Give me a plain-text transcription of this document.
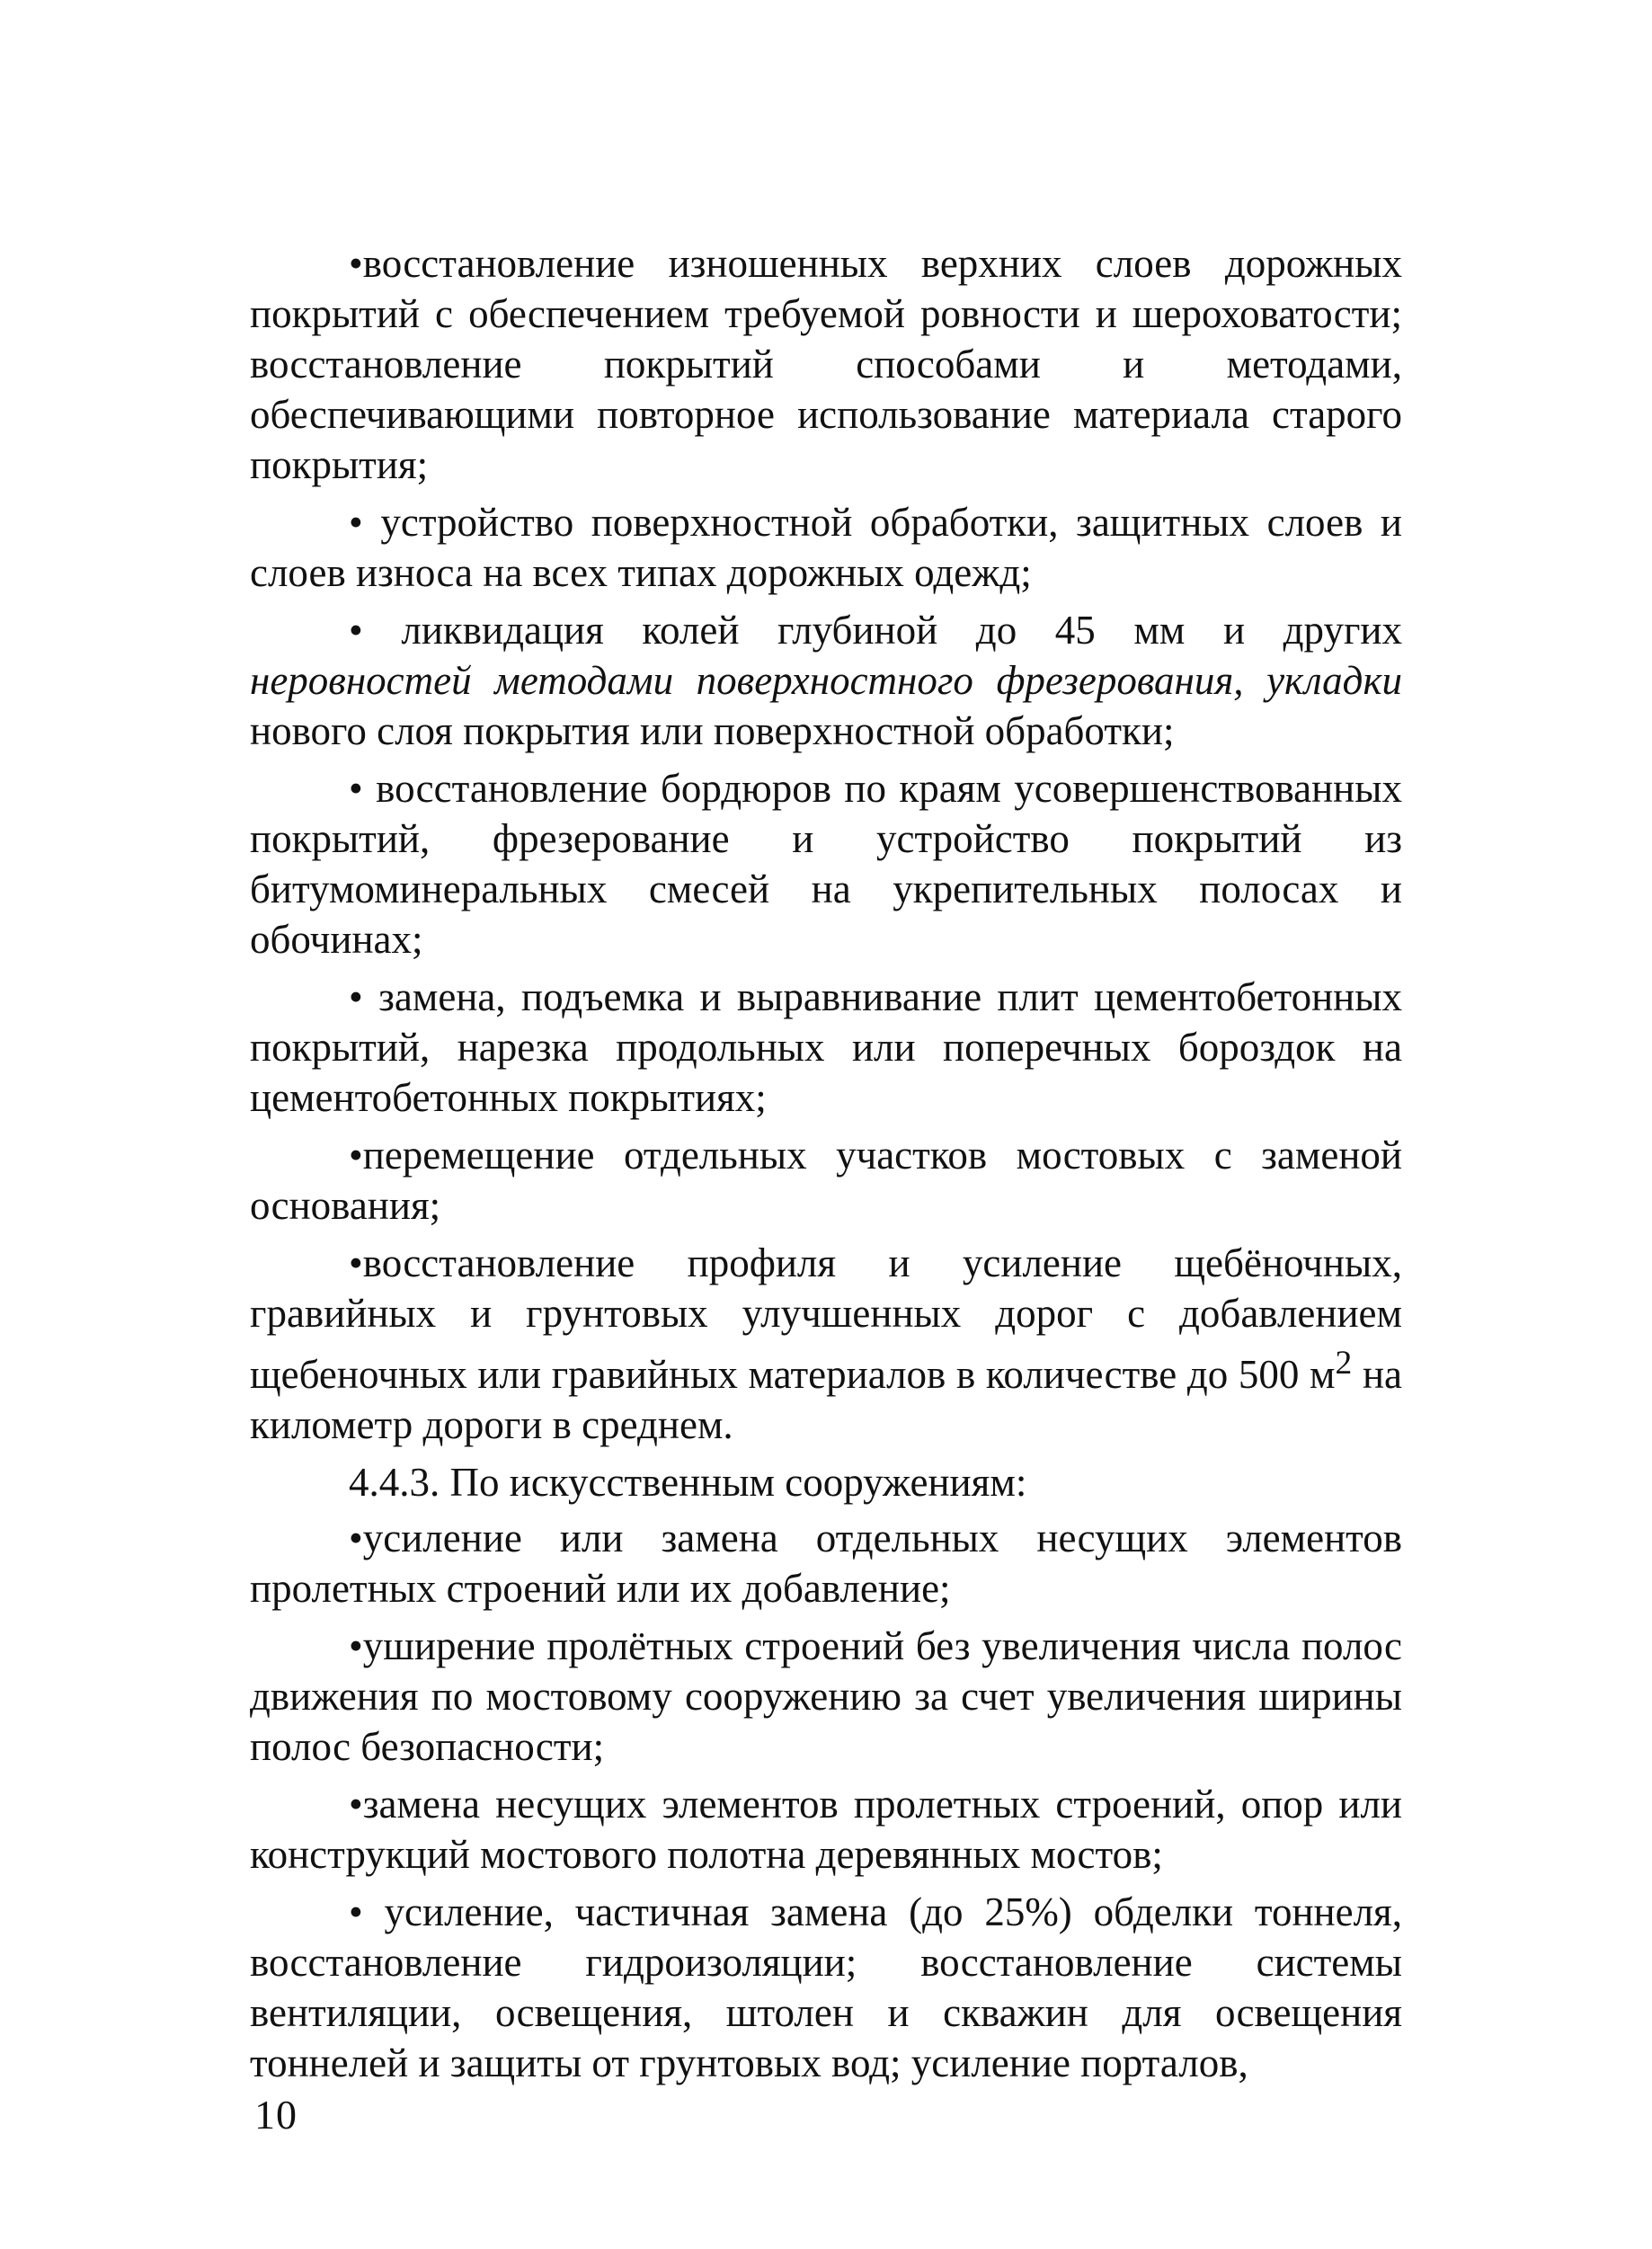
•восстановление изношенных верхних слоев дорожных покрытий с обеспечением требуемой ровности и шероховатости; восстановление покрытий способами и методами, обеспечивающими повторное использование материала старого покрытия;

• устройство поверхностной обработки, защитных слоев и слоев износа на всех типах дорожных одежд;

• ликвидация колей глубиной до 45 мм и других неровностей методами поверхностного фрезерования, укладки нового слоя покрытия или поверхностной обработки;

• восстановление бордюров по краям усовершенствованных покрытий, фрезерование и устройство покрытий из битумоминеральных смесей на укрепительных полосах и обочинах;

• замена, подъемка и выравнивание плит цементобетонных покрытий, нарезка продольных или поперечных бороздок на цементобетонных покрытиях;

•перемещение отдельных участков мостовых с заменой основания;

•восстановление профиля и усиление щебёночных, гравийных и грунтовых улучшенных дорог с добавлением щебеночных или гравийных материалов в количестве до 500 $м^2$ на километр дороги в среднем.

4.4.3. По искусственным сооружениям:

•усиление или замена отдельных несущих элементов пролетных строений или их добавление;

•уширение пролётных строений без увеличения числа полос движения по мостовому сооружению за счет увеличения ширины полос безопасности;

•замена несущих элементов пролетных строений, опор или конструкций мостового полотна деревянных мостов;

• усиление, частичная замена (до 25%) обделки тоннеля, восстановление гидроизоляции; восстановление системы вентиляции, освещения, штолен и скважин для освещения тоннелей и защиты от грунтовых вод; усиление порталов,

10
